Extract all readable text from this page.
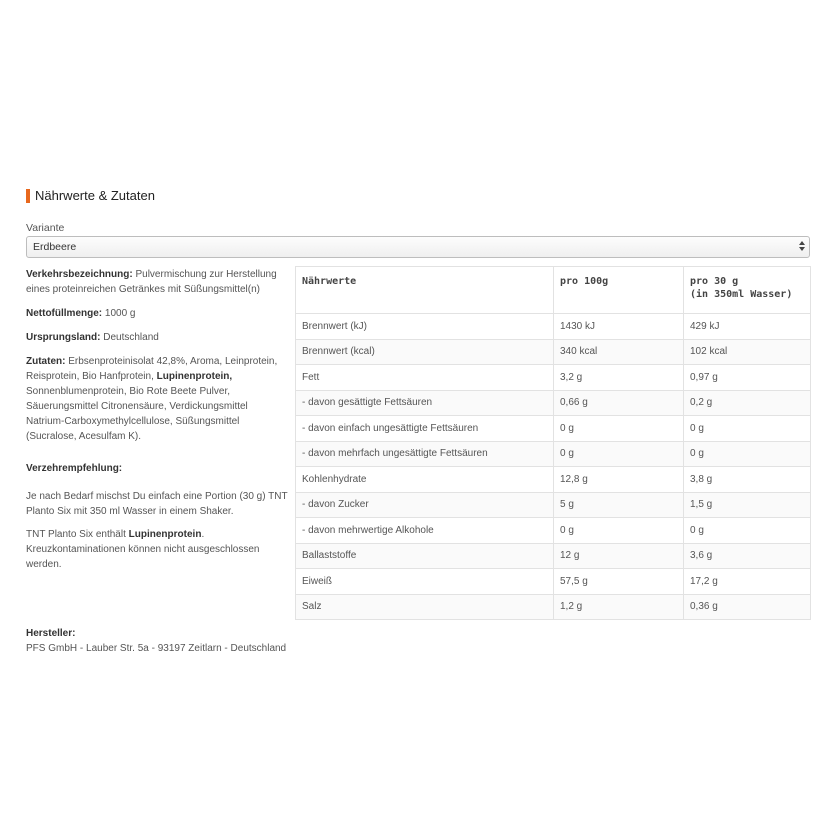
Nährwerte & Zutaten
Variante
Erdbeere

Verkehrsbezeichnung: Pulvermischung zur Herstellung eines proteinreichen Getränkes mit Süßungsmittel(n)

Nettofüllmenge: 1000 g

Ursprungsland: Deutschland

Zutaten: Erbsenproteinisolat 42,8%, Aroma, Leinprotein, Reisprotein, Bio Hanfprotein, Lupinenprotein, Sonnenblumenprotein, Bio Rote Beete Pulver, Säuerungsmittel Citronensäure, Verdickungsmittel Natrium-Carboxymethylcellulose, Süßungsmittel (Sucralose, Acesulfam K).

Verzehrempfehlung:

Je nach Bedarf mischst Du einfach eine Portion (30 g) TNT Planto Six mit 350 ml Wasser in einem Shaker.

TNT Planto Six enthält Lupinenprotein. Kreuzkontaminationen können nicht ausgeschlossen werden.

Nährwerte	pro 100g	pro 30 g
(in 350ml Wasser)
Brennwert (kJ)	1430 kJ	429 kJ
Brennwert (kcal)	340 kcal	102 kcal
Fett	3,2 g	0,97 g
- davon gesättigte Fettsäuren	0,66 g	0,2 g
- davon einfach ungesättigte Fettsäuren	0 g	0 g
- davon mehrfach ungesättigte Fettsäuren	0 g	0 g
Kohlenhydrate	12,8 g	3,8 g
- davon Zucker	5 g	1,5 g
- davon mehrwertige Alkohole	0 g	0 g
Ballaststoffe	12 g	3,6 g
Eiweiß	57,5 g	17,2 g
Salz	1,2 g	0,36 g
Hersteller:
PFS GmbH - Lauber Str. 5a - 93197 Zeitlarn - Deutschland
